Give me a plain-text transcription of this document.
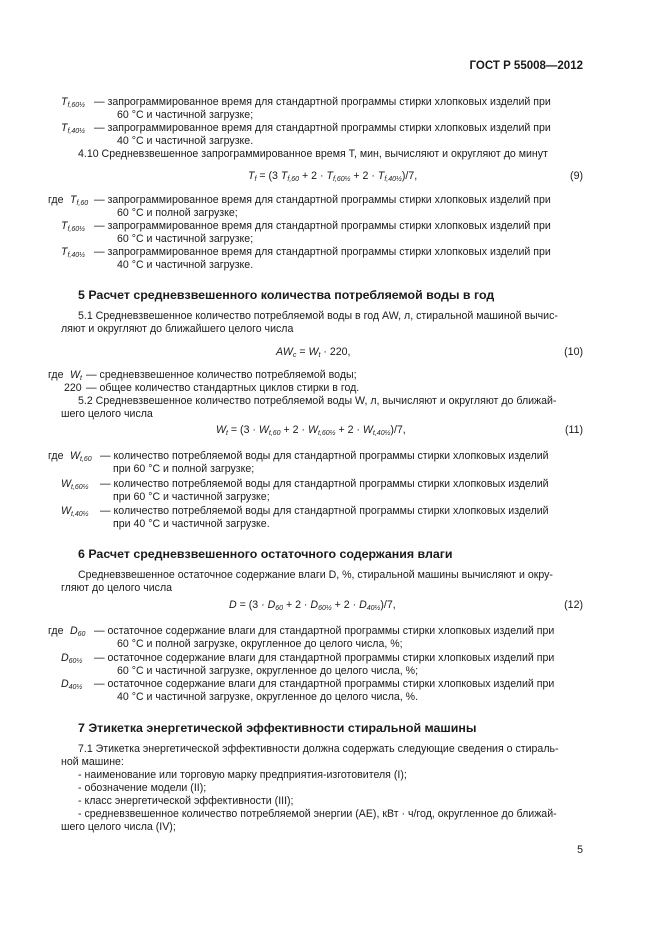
ГОСТ Р 55008—2012
$T_{f,60\frac{1}{2}}$ — запрограммированное время для стандартной программы стирки хлопковых изделий при
60 °С и частичной загрузке;
$T_{f,40\frac{1}{2}}$ — запрограммированное время для стандартной программы стирки хлопковых изделий при
40 °С и частичной загрузке.
4.10 Средневзвешенное запрограммированное время T, мин, вычисляют и округляют до минут
$T_f = (3$ $T_{f,60} + 2 \cdot T_{f,60\frac{1}{2}} + 2 \cdot T_{f,40\frac{1}{2}})/7$,	(9)
где $T_{f,60}$ — запрограммированное время для стандартной программы стирки хлопковых изделий при
60 °С и полной загрузке;
$T_{f,60\frac{1}{2}}$ — запрограммированное время для стандартной программы стирки хлопковых изделий при
60 °С и частичной загрузке;
$T_{f,40\frac{1}{2}}$ — запрограммированное время для стандартной программы стирки хлопковых изделий при
40 °С и частичной загрузке.
5 Расчет средневзвешенного количества потребляемой воды в год
5.1 Средневзвешенное количество потребляемой воды в год AW, л, стиральной машиной вычис-
ляют и округляют до ближайшего целого числа
$AW_c = W_t \cdot 220$,	(10)
где $W_t$ — средневзвешенное количество потребляемой воды;
220 — общее количество стандартных циклов стирки в год.
5.2 Средневзвешенное количество потребляемой воды W, л, вычисляют и округляют до ближай-
шего целого числа
$W_t = (3 \cdot W_{t,60} + 2 \cdot W_{t,60\frac{1}{2}} + 2 \cdot W_{t,40\frac{1}{2}})/7$,	(11)
где $W_{t,60}$ — количество потребляемой воды для стандартной программы стирки хлопковых изделий
при 60 °С и полной загрузке;
$W_{t,60\frac{1}{2}}$ — количество потребляемой воды для стандартной программы стирки хлопковых изделий
при 60 °С и частичной загрузке;
$W_{t,40\frac{1}{2}}$ — количество потребляемой воды для стандартной программы стирки хлопковых изделий
при 40 °С и частичной загрузке.
6 Расчет средневзвешенного остаточного содержания влаги
Средневзвешенное остаточное содержание влаги D, %, стиральной машины вычисляют и окру-
гляют до целого числа
$D = (3 \cdot D_{60} + 2 \cdot D_{60\frac{1}{2}} + 2 \cdot D_{40\frac{1}{2}})/7$,	(12)
где $D_{60}$ — остаточное содержание влаги для стандартной программы стирки хлопковых изделий при
60 °С и полной загрузке, округленное до целого числа, %;
$D_{60\frac{1}{2}}$ — остаточное содержание влаги для стандартной программы стирки хлопковых изделий при
60 °С и частичной загрузке, округленное до целого числа, %;
$D_{40\frac{1}{2}}$ — остаточное содержание влаги для стандартной программы стирки хлопковых изделий при
40 °С и частичной загрузке, округленное до целого числа, %.
7 Этикетка энергетической эффективности стиральной машины
7.1 Этикетка энергетической эффективности должна содержать следующие сведения о стираль-
ной машине:
- наименование или торговую марку предприятия-изготовителя (I);
- обозначение модели (II);
- класс энергетической эффективности (III);
- средневзвешенное количество потребляемой энергии (AE), кВт · ч/год, округленное до ближай-
шего целого числа (IV);
5
